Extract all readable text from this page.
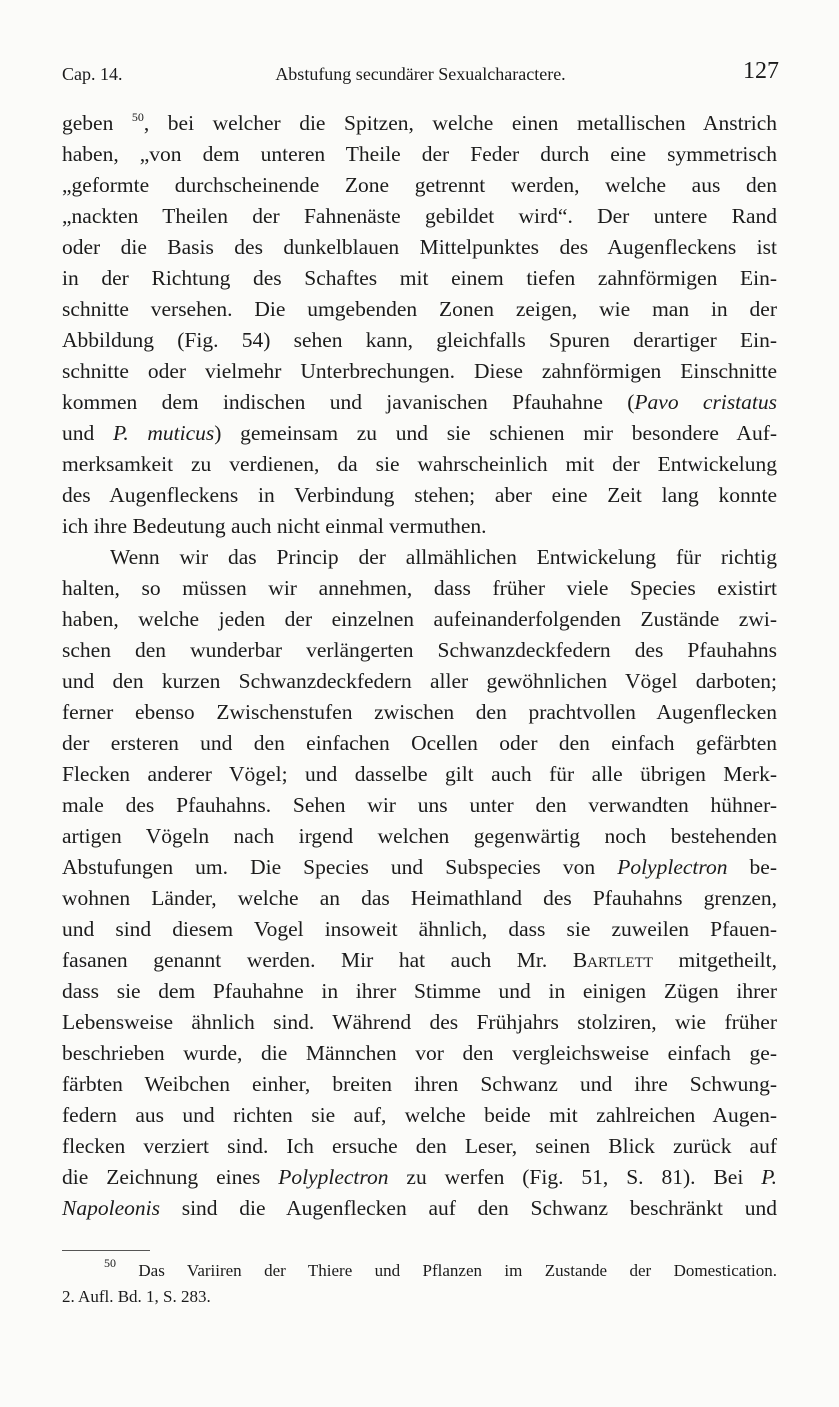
Cap. 14.	Abstufung secundärer Sexualcharactere.	127
geben $^{50}$, bei welcher die Spitzen, welche einen metallischen Anstrich
haben, „von dem unteren Theile der Feder durch eine symmetrisch
„geformte durchscheinende Zone getrennt werden, welche aus den
„nackten Theilen der Fahnenäste gebildet wird“. Der untere Rand
oder die Basis des dunkelblauen Mittelpunktes des Augenfleckens ist
in der Richtung des Schaftes mit einem tiefen zahnförmigen Ein-
schnitte versehen. Die umgebenden Zonen zeigen, wie man in der
Abbildung (Fig. 54) sehen kann, gleichfalls Spuren derartiger Ein-
schnitte oder vielmehr Unterbrechungen. Diese zahnförmigen Einschnitte
kommen dem indischen und javanischen Pfauhahne (Pavo cristatus
und P. muticus) gemeinsam zu und sie schienen mir besondere Auf-
merksamkeit zu verdienen, da sie wahrscheinlich mit der Entwickelung
des Augenfleckens in Verbindung stehen; aber eine Zeit lang konnte
ich ihre Bedeutung auch nicht einmal vermuthen.
Wenn wir das Princip der allmählichen Entwickelung für richtig
halten, so müssen wir annehmen, dass früher viele Species existirt
haben, welche jeden der einzelnen aufeinanderfolgenden Zustände zwi-
schen den wunderbar verlängerten Schwanzdeckfedern des Pfauhahns
und den kurzen Schwanzdeckfedern aller gewöhnlichen Vögel darboten;
ferner ebenso Zwischenstufen zwischen den prachtvollen Augenflecken
der ersteren und den einfachen Ocellen oder den einfach gefärbten
Flecken anderer Vögel; und dasselbe gilt auch für alle übrigen Merk-
male des Pfauhahns. Sehen wir uns unter den verwandten hühner-
artigen Vögeln nach irgend welchen gegenwärtig noch bestehenden
Abstufungen um. Die Species und Subspecies von Polyplectron be-
wohnen Länder, welche an das Heimathland des Pfauhahns grenzen,
und sind diesem Vogel insoweit ähnlich, dass sie zuweilen Pfauen-
fasanen genannt werden. Mir hat auch Mr. Bartlett mitgetheilt,
dass sie dem Pfauhahne in ihrer Stimme und in einigen Zügen ihrer
Lebensweise ähnlich sind. Während des Frühjahrs stolziren, wie früher
beschrieben wurde, die Männchen vor den vergleichsweise einfach ge-
färbten Weibchen einher, breiten ihren Schwanz und ihre Schwung-
federn aus und richten sie auf, welche beide mit zahlreichen Augen-
flecken verziert sind. Ich ersuche den Leser, seinen Blick zurück auf
die Zeichnung eines Polyplectron zu werfen (Fig. 51, S. 81). Bei P.
Napoleonis sind die Augenflecken auf den Schwanz beschränkt und
$^{50}$ Das Variiren der Thiere und Pflanzen im Zustande der Domestication.
2. Aufl. Bd. 1, S. 283.
